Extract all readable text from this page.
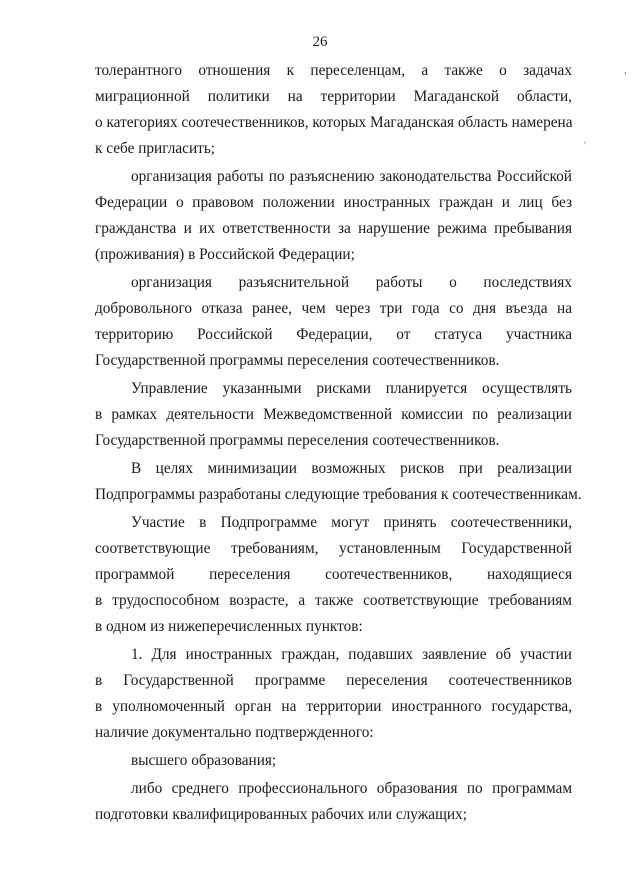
26
толерантного отношения к переселенцам, а также о задачах
миграционной политики на территории Магаданской области,
о категориях соотечественников, которых Магаданская область намерена
к себе пригласить;
организация работы по разъяснению законодательства Российской
Федерации о правовом положении иностранных граждан и лиц без
гражданства и их ответственности за нарушение режима пребывания
(проживания) в Российской Федерации;
организация разъяснительной работы о последствиях
добровольного отказа ранее, чем через три года со дня въезда на
территорию Российской Федерации, от статуса участника
Государственной программы переселения соотечественников.
Управление указанными рисками планируется осуществлять
в рамках деятельности Межведомственной комиссии по реализации
Государственной программы переселения соотечественников.
В целях минимизации возможных рисков при реализации
Подпрограммы разработаны следующие требования к соотечественникам.
Участие в Подпрограмме могут принять соотечественники,
соответствующие требованиям, установленным Государственной
программой переселения соотечественников, находящиеся
в трудоспособном возрасте, а также соответствующие требованиям
в одном из нижеперечисленных пунктов:
1. Для иностранных граждан, подавших заявление об участии
в Государственной программе переселения соотечественников
в уполномоченный орган на территории иностранного государства,
наличие документально подтвержденного:
высшего образования;
либо среднего профессионального образования по программам
подготовки квалифицированных рабочих или служащих;
,
'
